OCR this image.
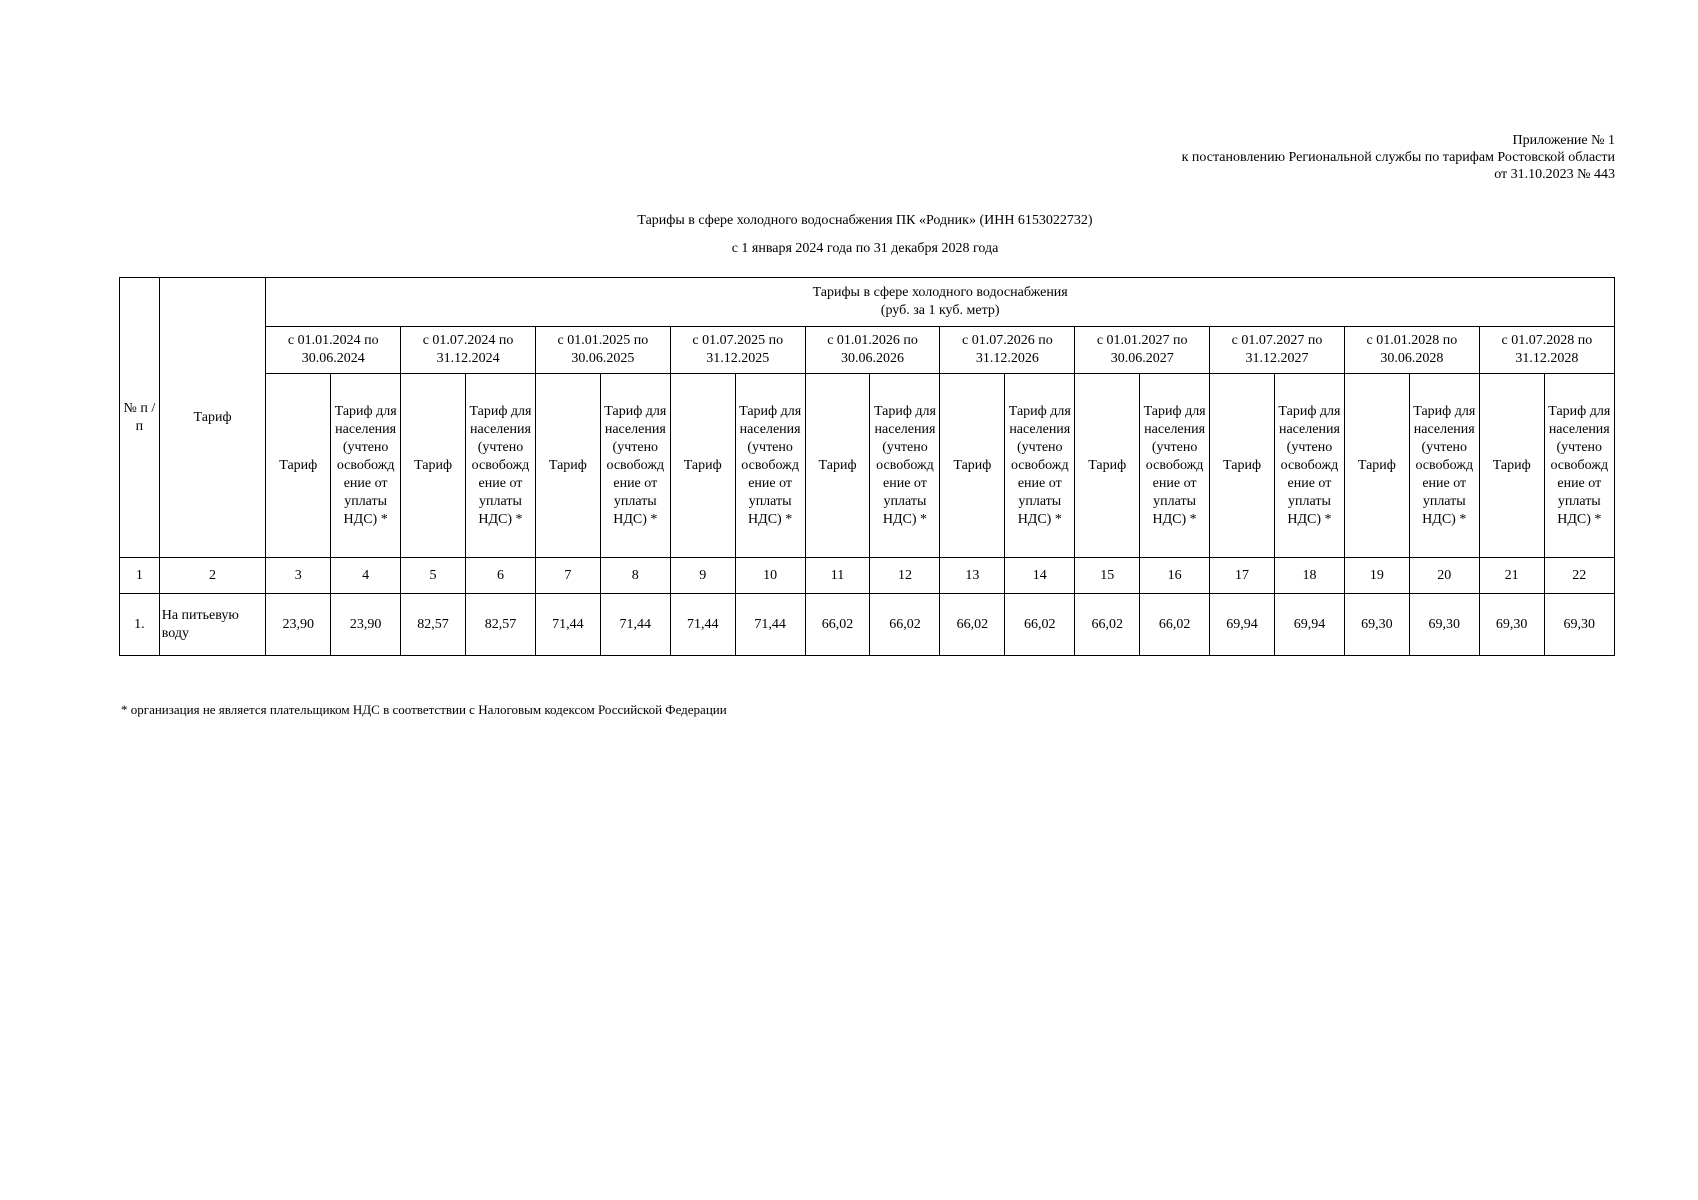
Приложение № 1
к постановлению Региональной службы по тарифам Ростовской области
от 31.10.2023 № 443
Тарифы в сфере холодного водоснабжения ПК «Родник» (ИНН 6153022732)
с 1 января 2024 года по 31 декабря 2028 года
№ п /п	Тариф	Тарифы в сфере холодного водоснабжения
(руб. за 1 куб. метр)																			

		с 01.01.2024 по 30.06.2024		с 01.07.2024 по 31.12.2024		с 01.01.2025 по 30.06.2025		с 01.07.2025 по 31.12.2025		с 01.01.2026 по 30.06.2026		с 01.07.2026 по 31.12.2026		с 01.01.2027 по 30.06.2027		с 01.07.2027 по 31.12.2027		с 01.01.2028 по 30.06.2028		с 01.07.2028 по 31.12.2028	
		Тариф	Тариф для населения (учтено освобожд ение от уплаты НДС) *	Тариф	Тариф для населения (учтено освобожд ение от уплаты НДС) *	Тариф	Тариф для населения (учтено освобожд ение от уплаты НДС) *	Тариф	Тариф для населения (учтено освобожд ение от уплаты НДС) *	Тариф	Тариф для населения (учтено освобожд ение от уплаты НДС) *	Тариф	Тариф для населения (учтено освобожд ение от уплаты НДС) *	Тариф	Тариф для населения (учтено освобожд ение от уплаты НДС) *	Тариф	Тариф для населения (учтено освобожд ение от уплаты НДС) *	Тариф	Тариф для населения (учтено освобожд ение от уплаты НДС) *	Тариф	Тариф для населения (учтено освобожд ение от уплаты НДС) *
1	2	3	4	5	6	7	8	9	10	11	12	13	14	15	16	17	18	19	20	21	22
1.	На питьевую воду	23,90	23,90	82,57	82,57	71,44	71,44	71,44	71,44	66,02	66,02	66,02	66,02	66,02	66,02	69,94	69,94	69,30	69,30	69,30	69,30
* организация не является плательщиком НДС в соответствии с Налоговым кодексом Российской Федерации
